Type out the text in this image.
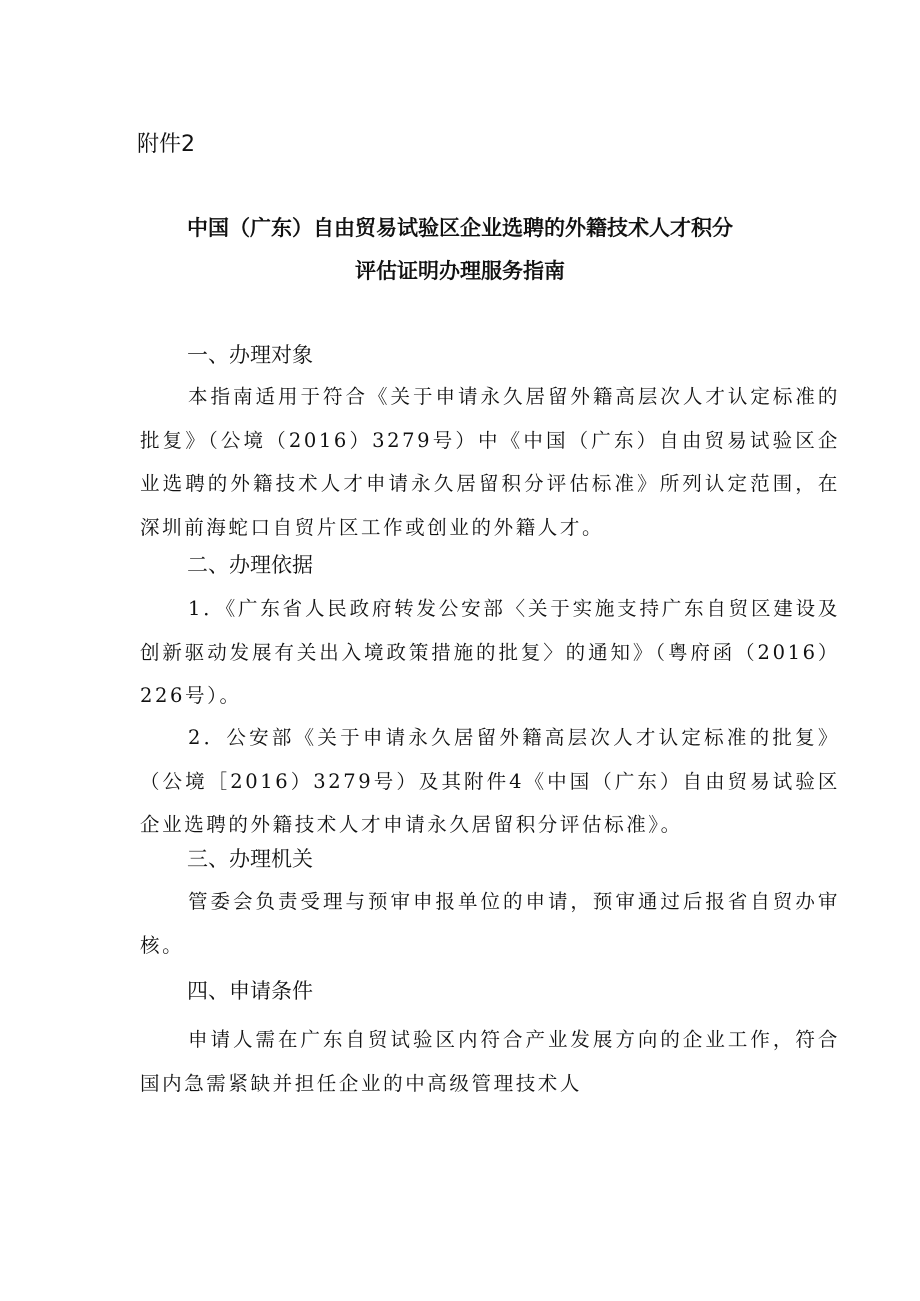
附件2
中国（广东）自由贸易试验区企业选聘的外籍技术人才积分
评估证明办理服务指南
一、办理对象
本指南适用于符合《关于申请永久居留外籍高层次人才认定标准的批复》（公境（2016）3279号）中《中国（广东）自由贸易试验区企业选聘的外籍技术人才申请永久居留积分评估标准》所列认定范围，在深圳前海蛇口自贸片区工作或创业的外籍人才。
二、办理依据
1．《广东省人民政府转发公安部〈关于实施支持广东自贸区建设及创新驱动发展有关出入境政策措施的批复〉的通知》（粤府函（2016）226号）。
2．公安部《关于申请永久居留外籍高层次人才认定标准的批复》（公境［2016）3279号）及其附件4《中国（广东）自由贸易试验区企业选聘的外籍技术人才申请永久居留积分评估标准》。
三、办理机关
管委会负责受理与预审申报单位的申请，预审通过后报省自贸办审核。
四、申请条件
申请人需在广东自贸试验区内符合产业发展方向的企业工作，符合国内急需紧缺并担任企业的中高级管理技术人
